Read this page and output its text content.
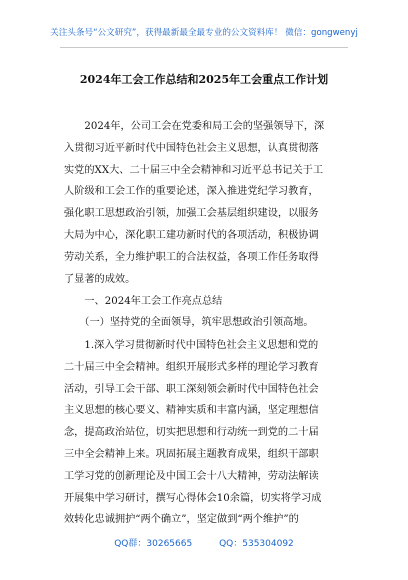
关注头条号“公文研究”，获得最新最全最专业的公文资料库！ 微信：gongwenyj
2024年工会工作总结和2025年工会重点工作计划
　　2024年，公司工会在党委和局工会的坚强领导下，深
入贯彻习近平新时代中国特色社会主义思想，认真贯彻落
实党的XX大、二十届三中全会精神和习近平总书记关于工
人阶级和工会工作的重要论述，深入推进党纪学习教育，
强化职工思想政治引领，加强工会基层组织建设，以服务
大局为中心，深化职工建功新时代的各项活动，积极协调
劳动关系，全力维护职工的合法权益，各项工作任务取得
了显著的成效。
　　一、2024年工会工作亮点总结
　　（一）坚持党的全面领导，筑牢思想政治引领高地。
　　1.深入学习贯彻新时代中国特色社会主义思想和党的
二十届三中全会精神。组织开展形式多样的理论学习教育
活动，引导工会干部、职工深刻领会新时代中国特色社会
主义思想的核心要义、精神实质和丰富内涵，坚定理想信
念，提高政治站位，切实把思想和行动统一到党的二十届
三中全会精神上来。巩固拓展主题教育成果，组织干部职
工学习党的创新理论及中国工会十八大精神，劳动法解读
开展集中学习研讨，撰写心得体会10余篇，切实将学习成
效转化忠诚拥护“两个确立”，坚定做到“两个维护”的
QQ群：30265665	QQ：535304092
